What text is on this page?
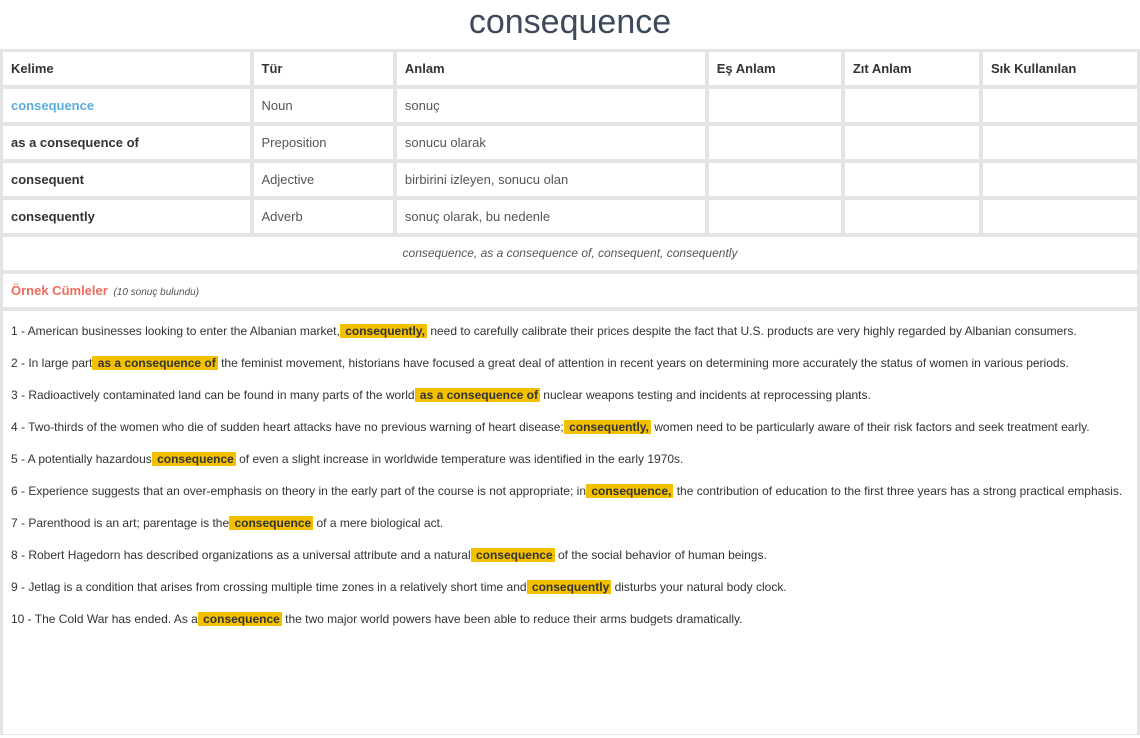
consequence
Kelime	Tür	Anlam	Eş Anlam	Zıt Anlam	Sık Kullanılan
consequence	Noun	sonuç			
as a consequence of	Preposition	sonucu olarak			
consequent	Adjective	birbirini izleyen, sonucu olan			
consequently	Adverb	sonuç olarak, bu nedenle			
consequence, as a consequence of, consequent, consequently
Örnek Cümleler (10 sonuç bulundu)

1 - American businesses looking to enter the Albanian market, consequently, need to carefully calibrate their prices despite the fact that U.S. products are very highly regarded by Albanian consumers.

2 - In large part as a consequence of the feminist movement, historians have focused a great deal of attention in recent years on determining more accurately the status of women in various periods.

3 - Radioactively contaminated land can be found in many parts of the world as a consequence of nuclear weapons testing and incidents at reprocessing plants.

4 - Two-thirds of the women who die of sudden heart attacks have no previous warning of heart disease; consequently, women need to be particularly aware of their risk factors and seek treatment early.

5 - A potentially hazardous consequence of even a slight increase in worldwide temperature was identified in the early 1970s.

6 - Experience suggests that an over-emphasis on theory in the early part of the course is not appropriate; in consequence, the contribution of education to the first three years has a strong practical emphasis.

7 - Parenthood is an art; parentage is the consequence of a mere biological act.

8 - Robert Hagedorn has described organizations as a universal attribute and a natural consequence of the social behavior of human beings.

9 - Jetlag is a condition that arises from crossing multiple time zones in a relatively short time and consequently disturbs your natural body clock.

10 - The Cold War has ended. As a consequence the two major world powers have been able to reduce their arms budgets dramatically.
